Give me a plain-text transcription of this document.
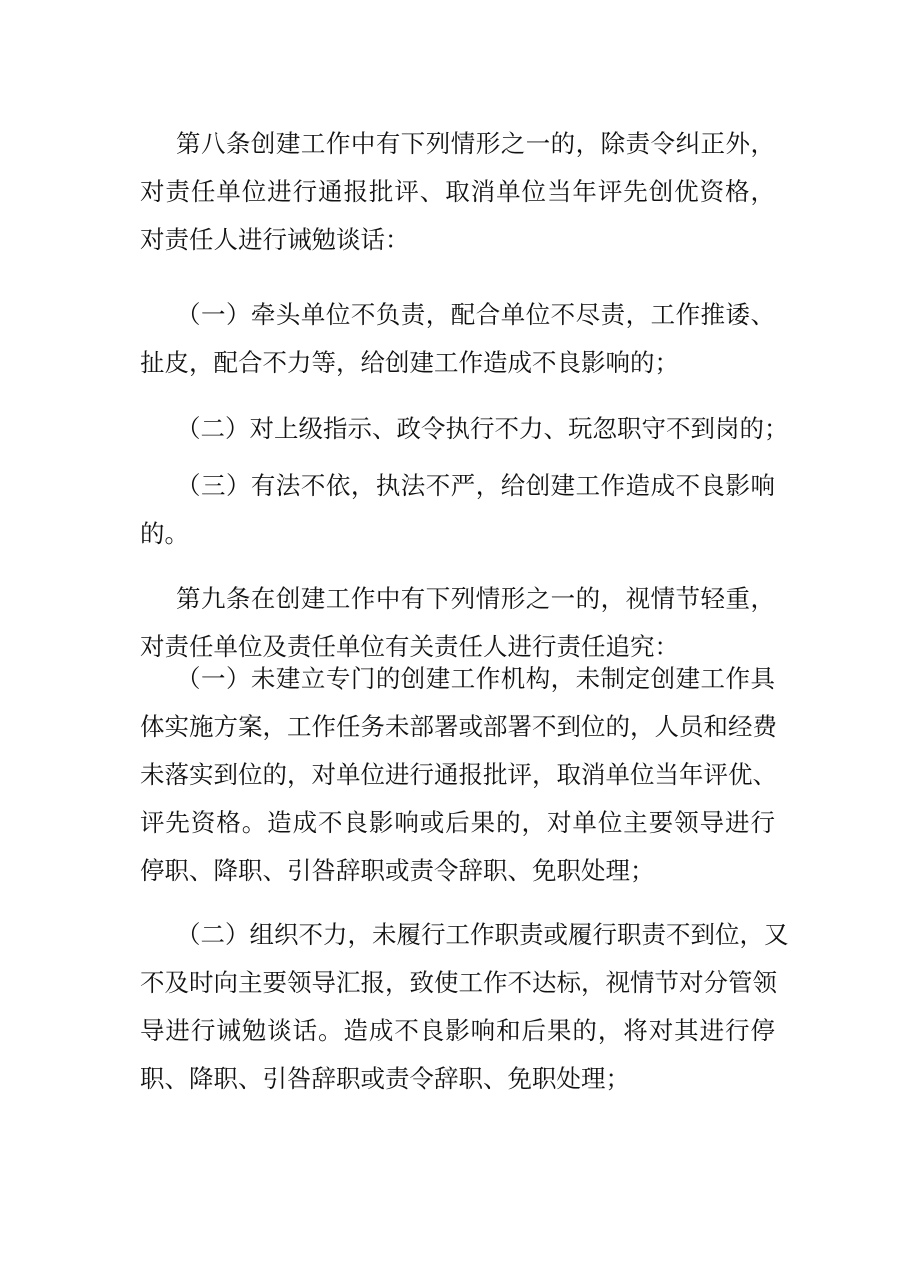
第八条创建工作中有下列情形之一的，除责令纠正外，
对责任单位进行通报批评、取消单位当年评先创优资格，
对责任人进行诫勉谈话：
（一）牵头单位不负责，配合单位不尽责，工作推诿、
扯皮，配合不力等，给创建工作造成不良影响的；
（二）对上级指示、政令执行不力、玩忽职守不到岗的；
（三）有法不依，执法不严，给创建工作造成不良影响
的。
第九条在创建工作中有下列情形之一的，视情节轻重，
对责任单位及责任单位有关责任人进行责任追究：
（一）未建立专门的创建工作机构，未制定创建工作具
体实施方案，工作任务未部署或部署不到位的，人员和经费
未落实到位的，对单位进行通报批评，取消单位当年评优、
评先资格。造成不良影响或后果的，对单位主要领导进行
停职、降职、引咎辞职或责令辞职、免职处理；
（二）组织不力，未履行工作职责或履行职责不到位，又
不及时向主要领导汇报，致使工作不达标，视情节对分管领
导进行诫勉谈话。造成不良影响和后果的，将对其进行停
职、降职、引咎辞职或责令辞职、免职处理；
